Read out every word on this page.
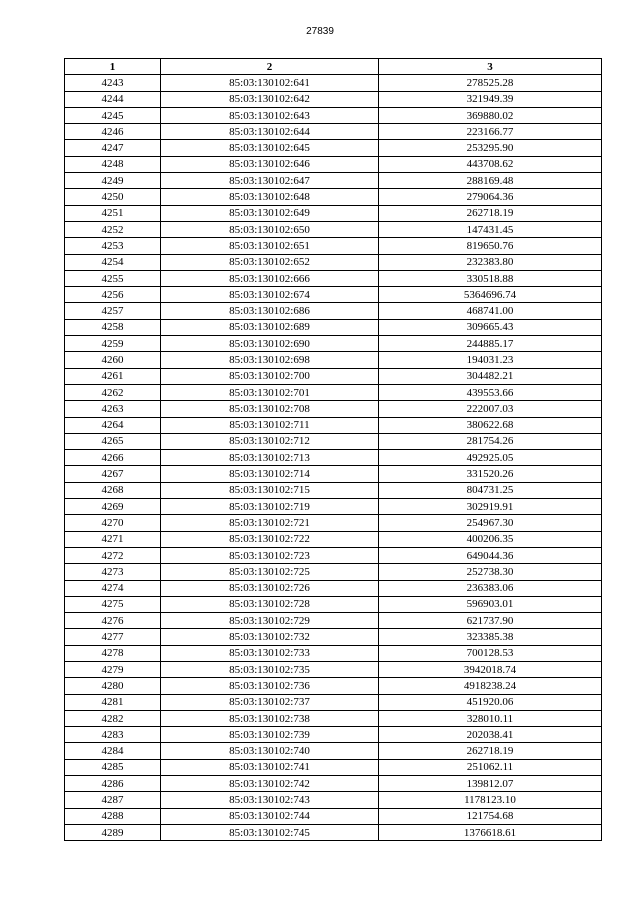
27839
1	2	3
4243	85:03:130102:641	278525.28
4244	85:03:130102:642	321949.39
4245	85:03:130102:643	369880.02
4246	85:03:130102:644	223166.77
4247	85:03:130102:645	253295.90
4248	85:03:130102:646	443708.62
4249	85:03:130102:647	288169.48
4250	85:03:130102:648	279064.36
4251	85:03:130102:649	262718.19
4252	85:03:130102:650	147431.45
4253	85:03:130102:651	819650.76
4254	85:03:130102:652	232383.80
4255	85:03:130102:666	330518.88
4256	85:03:130102:674	5364696.74
4257	85:03:130102:686	468741.00
4258	85:03:130102:689	309665.43
4259	85:03:130102:690	244885.17
4260	85:03:130102:698	194031.23
4261	85:03:130102:700	304482.21
4262	85:03:130102:701	439553.66
4263	85:03:130102:708	222007.03
4264	85:03:130102:711	380622.68
4265	85:03:130102:712	281754.26
4266	85:03:130102:713	492925.05
4267	85:03:130102:714	331520.26
4268	85:03:130102:715	804731.25
4269	85:03:130102:719	302919.91
4270	85:03:130102:721	254967.30
4271	85:03:130102:722	400206.35
4272	85:03:130102:723	649044.36
4273	85:03:130102:725	252738.30
4274	85:03:130102:726	236383.06
4275	85:03:130102:728	596903.01
4276	85:03:130102:729	621737.90
4277	85:03:130102:732	323385.38
4278	85:03:130102:733	700128.53
4279	85:03:130102:735	3942018.74
4280	85:03:130102:736	4918238.24
4281	85:03:130102:737	451920.06
4282	85:03:130102:738	328010.11
4283	85:03:130102:739	202038.41
4284	85:03:130102:740	262718.19
4285	85:03:130102:741	251062.11
4286	85:03:130102:742	139812.07
4287	85:03:130102:743	1178123.10
4288	85:03:130102:744	121754.68
4289	85:03:130102:745	1376618.61
